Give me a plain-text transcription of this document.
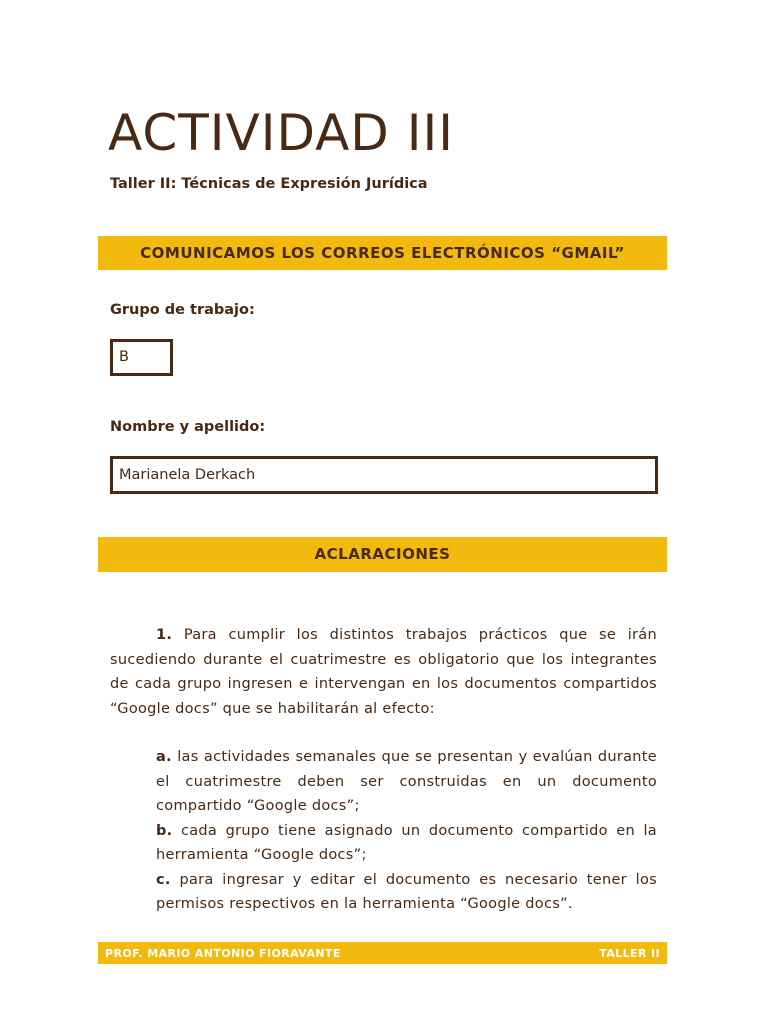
ACTIVIDAD III

Taller II: Técnicas de Expresión Jurídica

COMUNICAMOS LOS CORREOS ELECTRÓNICOS “GMAIL”

Grupo de trabajo:

B

Nombre y apellido:

Marianela Derkach
ACLARACIONES

1. Para cumplir los distintos trabajos prácticos que se irán sucediendo durante el cuatrimestre es obligatorio que los integrantes de cada grupo ingresen e intervengan en los documentos compartidos “Google docs” que se habilitarán al efecto:

a. las actividades semanales que se presentan y evalúan durante el cuatrimestre deben ser construidas en un documento compartido “Google docs”;
b. cada grupo tiene asignado un documento compartido en la herramienta “Google docs”;
c. para ingresar y editar el documento es necesario tener los permisos respectivos en la herramienta “Google docs”.
PROF. MARIO ANTONIO FIORAVANTE	TALLER II
